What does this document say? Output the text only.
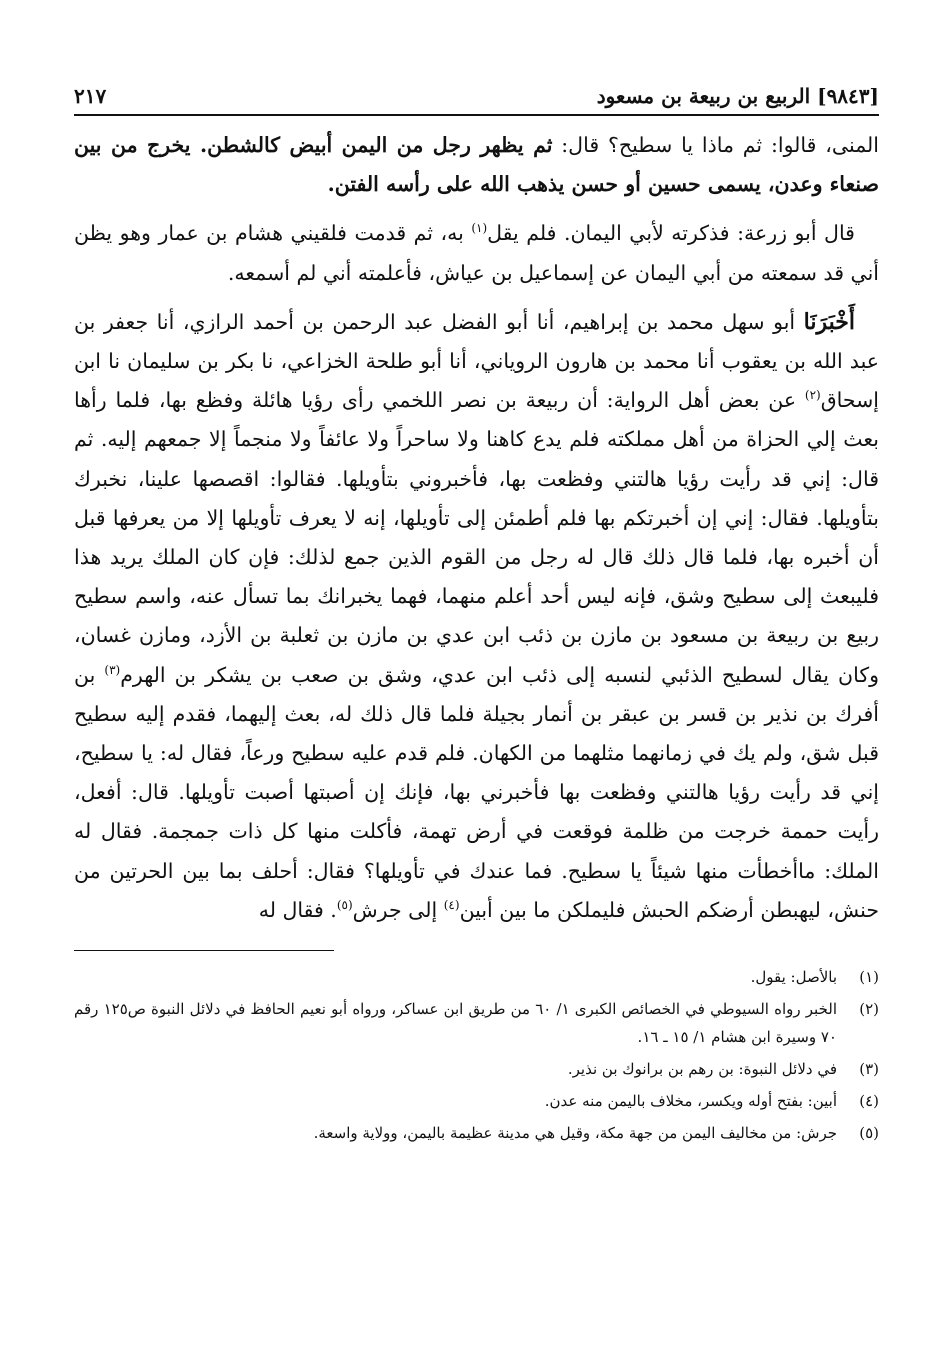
[٩٨٤٣] الربيع بن ربيعة بن مسعود
٢١٧

المنى، قالوا: ثم ماذا يا سطيح؟ قال: ثم يظهر رجل من اليمن أبيض كالشطن. يخرج من بين صنعاء وعدن، يسمى حسين أو حسن يذهب الله على رأسه الفتن.

قال أبو زرعة: فذكرته لأبي اليمان. فلم يقل$^{(١)}$ به، ثم قدمت فلقيني هشام بن عمار وهو يظن أني قد سمعته من أبي اليمان عن إسماعيل بن عياش، فأعلمته أني لم أسمعه.

أَخْبَرَنَا أبو سهل محمد بن إبراهيم، أنا أبو الفضل عبد الرحمن بن أحمد الرازي، أنا جعفر بن عبد الله بن يعقوب أنا محمد بن هارون الروياني، أنا أبو طلحة الخزاعي، نا بكر بن سليمان نا ابن إسحاق$^{(٢)}$ عن بعض أهل الرواية: أن ربيعة بن نصر اللخمي رأى رؤيا هائلة وفظع بها، فلما رأها بعث إلي الحزاة من أهل مملكته فلم يدع كاهنا ولا ساحراً ولا عائفاً ولا منجماً إلا جمعهم إليه. ثم قال: إني قد رأيت رؤيا هالتني وفظعت بها، فأخبروني بتأويلها. فقالوا: اقصصها علينا، نخبرك بتأويلها. فقال: إني إن أخبرتكم بها فلم أطمئن إلى تأويلها، إنه لا يعرف تأويلها إلا من يعرفها قبل أن أخبره بها، فلما قال ذلك قال له رجل من القوم الذين جمع لذلك: فإن كان الملك يريد هذا فليبعث إلى سطيح وشق، فإنه ليس أحد أعلم منهما، فهما يخبرانك بما تسأل عنه، واسم سطيح ربيع بن ربيعة بن مسعود بن مازن بن ذئب ابن عدي بن مازن بن ثعلبة بن الأزد، ومازن غسان، وكان يقال لسطيح الذئبي لنسبه إلى ذئب ابن عدي، وشق بن صعب بن يشكر بن الهرم$^{(٣)}$ بن أفرك بن نذير بن قسر بن عبقر بن أنمار بجيلة فلما قال ذلك له، بعث إليهما، فقدم إليه سطيح قبل شق، ولم يك في زمانهما مثلهما من الكهان. فلم قدم عليه سطيح ورعاً، فقال له: يا سطيح، إني قد رأيت رؤيا هالتني وفظعت بها فأخبرني بها، فإنك إن أصبتها أصبت تأويلها. قال: أفعل، رأيت حممة خرجت من ظلمة فوقعت في أرض تهمة، فأكلت منها كل ذات جمجمة. فقال له الملك: ماأخطأت منها شيئاً يا سطيح. فما عندك في تأويلها؟ فقال: أحلف بما بين الحرتين من حنش، ليهبطن أرضكم الحبش فليملكن ما بين أبين$^{(٤)}$ إلى جرش$^{(٥)}$. فقال له

(١)
بالأصل: يقول.
(٢)
الخبر رواه السيوطي في الخصائص الكبرى ١/ ٦٠ من طريق ابن عساكر، ورواه أبو نعيم الحافظ في دلائل النبوة ص١٢٥ رقم ٧٠ وسيرة ابن هشام ١/ ١٥ ـ ١٦.
(٣)
في دلائل النبوة: بن رهم بن برانوك بن نذير.
(٤)
أبين: بفتح أوله ويكسر، مخلاف باليمن منه عدن.
(٥)
جرش: من مخاليف اليمن من جهة مكة، وقيل هي مدينة عظيمة باليمن، وولاية واسعة.
